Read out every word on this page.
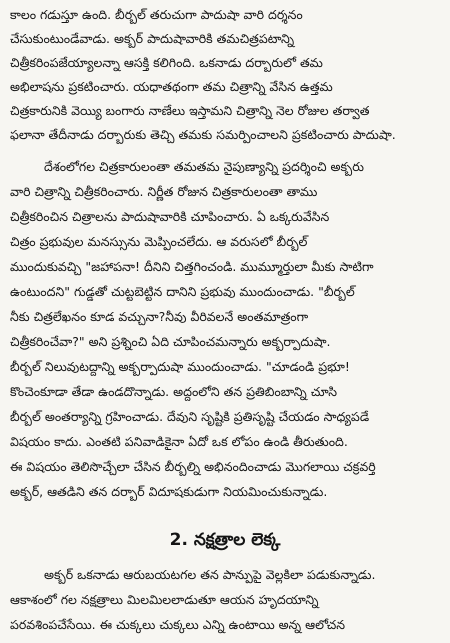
కాలం గడుస్తూ ఉంది. బీర్బల్ తరుచుగా పాదుషా వారి దర్శనం
చేసుకుంటుండేవాడు. అక్బర్ పాదుషావారికి తమచిత్రపటాన్ని
చిత్రీకరింపజేయ్యాలన్నా ఆసక్తి కలిగింది. ఒకనాడు దర్బారులో తమ
అభిలాషను ప్రకటించారు. యధాతథంగా తమ చిత్రాన్ని వేసిన ఉత్తమ
చిత్రకారునికి వెయ్యి బంగారు నాణేలు ఇస్తామని చిత్రాన్ని నెల రోజుల తర్వాత
ఫలానా తేదీనాడు దర్బారుకు తెచ్చి తమకు సమర్పించాలని ప్రకటించారు పాదుషా.
దేశంలోగల చిత్రకారులంతా తమతమ నైపుణ్యాన్ని ప్రదర్శించి అక్బరు
వారి చిత్రాన్ని చిత్రీకరించారు. నిర్ణీత రోజున చిత్రకారులంతా తాము
చిత్రీకరించిన చిత్రాలను పాదుషావారికి చూపించారు. ఏ ఒక్కరువేసిన
చిత్రం ప్రభువుల మనస్సును మెప్పించలేదు. ఆ వరుసలో బీర్బల్
ముందుకువచ్చి "జహాపనా! దీనిని చిత్తగించండి. ముమ్మూర్తులా మీకు సాటిగా
ఉంటుందని" గుడ్డతో చుట్టబెట్టిన దానిని ప్రభువు ముందుంచాడు. "బీర్బల్
నీకు చిత్రలేఖనం కూడ వచ్చునా?నీవు వీరివలనే అంతమాత్రంగా
చిత్రీకరించేవా?" అని ప్రశ్నించి ఏది చూపించమన్నారు అక్బర్పాదుషా.
బీర్బల్ నిలువుటద్దాన్ని అక్బర్పాదుషా ముందుంచాడు. "చూడండి ప్రభూ!
కొంచెంకూడా తేడా ఉండదొన్నాడు. అద్దంలోని తన ప్రతిబింబాన్ని చూసి
బీర్బల్ అంతర్యాన్ని గ్రహించాడు. దేవుని సృష్టికి ప్రతిసృష్టి చేయడం సాధ్యపడే
విషయం కాదు. ఎంతటి పనివాడికైనా ఏదో ఒక లోపం ఉండి తీరుతుంది.
ఈ విషయం తెలిసొచ్చేలా చేసిన బీర్బల్ని అభినందించాడు మొగలాయి చక్రవర్తి
అక్బర్, ఆతడిని తన దర్బార్ విదూషకుడుగా నియమించుకున్నాడు.
2. నక్షత్రాల లెక్క
అక్బర్ ఒకనాడు ఆరుబయటగల తన పాన్పుపై వెల్లకిలా పడుకున్నాడు.
ఆకాశంలో గల నక్షత్రాలు మిలమిలలాడుతూ ఆయన హృదయాన్ని
పరవశింపచేసేయి. ఈ చుక్కలు చుక్కలు ఎన్ని ఉంటాయి అన్న ఆలోచన
